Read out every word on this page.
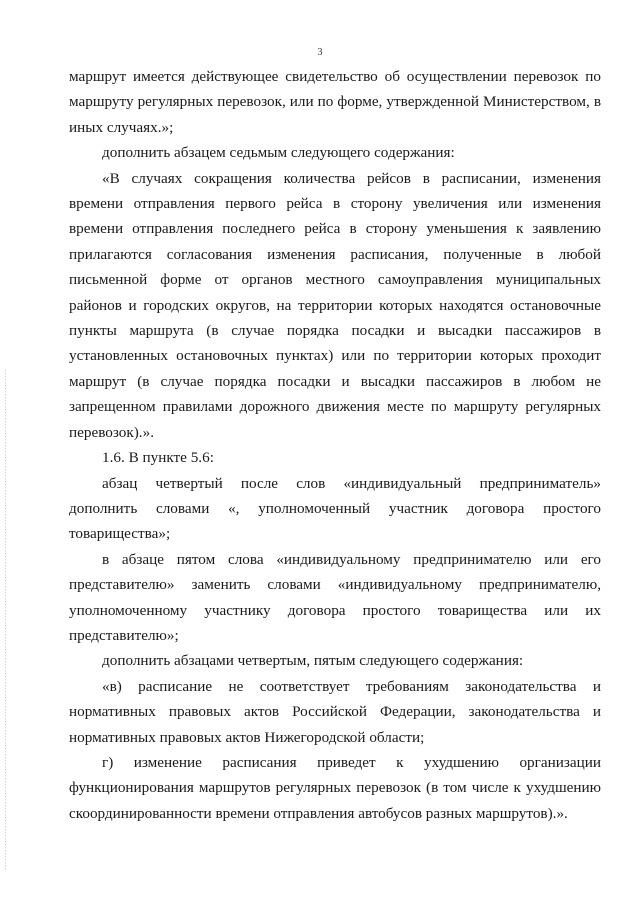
3

маршрут имеется действующее свидетельство об осуществлении перевозок по маршруту регулярных перевозок, или по форме, утвержденной Министерством, в иных случаях.»;

дополнить абзацем седьмым следующего содержания:

«В случаях сокращения количества рейсов в расписании, изменения времени отправления первого рейса в сторону увеличения или изменения времени отправления последнего рейса в сторону уменьшения к заявлению прилагаются согласования изменения расписания, полученные в любой письменной форме от органов местного самоуправления муниципальных районов и городских округов, на территории которых находятся остановочные пункты маршрута (в случае порядка посадки и высадки пассажиров в установленных остановочных пунктах) или по территории которых проходит маршрут (в случае порядка посадки и высадки пассажиров в любом не запрещенном правилами дорожного движения месте по маршруту регулярных перевозок).».

1.6. В пункте 5.6:

абзац четвертый после слов «индивидуальный предприниматель» дополнить словами «, уполномоченный участник договора простого товарищества»;

в абзаце пятом слова «индивидуальному предпринимателю или его представителю» заменить словами «индивидуальному предпринимателю, уполномоченному участнику договора простого товарищества или их представителю»;

дополнить абзацами четвертым, пятым следующего содержания:

«в) расписание не соответствует требованиям законодательства и нормативных правовых актов Российской Федерации, законодательства и нормативных правовых актов Нижегородской области;

г) изменение расписания приведет к ухудшению организации функционирования маршрутов регулярных перевозок (в том числе к ухудшению скоординированности времени отправления автобусов разных маршрутов).».
